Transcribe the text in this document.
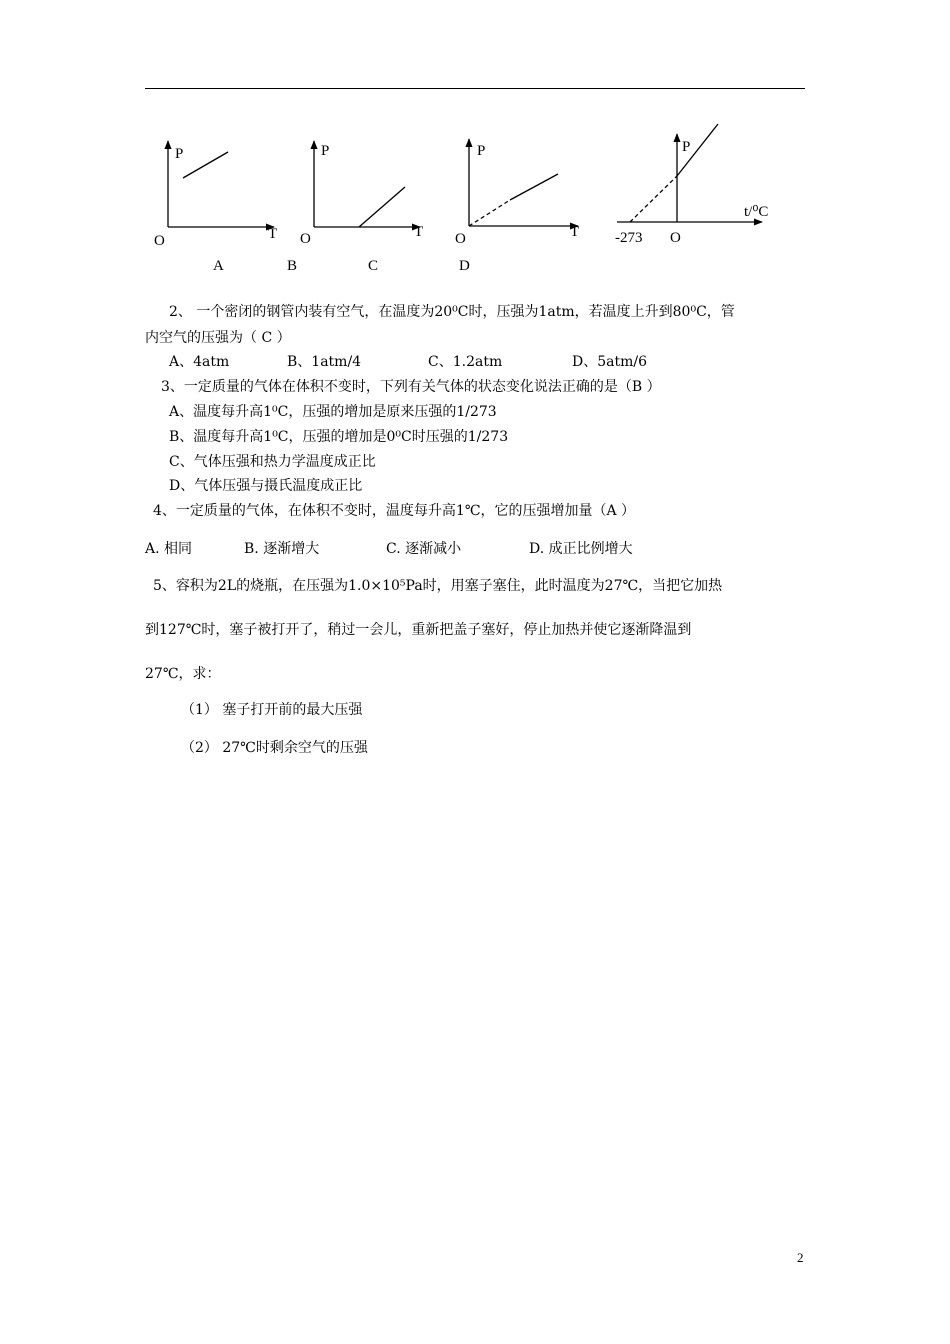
P
T
O
P
T
O
P
T
O
P
t/⁰C
-273 O
A	B	C	D
2、 一个密闭的钢管内装有空气，在温度为20⁰C时，压强为1atm，若温度上升到80⁰C，管
内空气的压强为（ C ）
A、4atm	B、1atm/4	C、1.2atm	D、5atm/6
3、一定质量的气体在体积不变时，下列有关气体的状态变化说法正确的是（B ）
A、温度每升高1⁰C，压强的增加是原来压强的1/273
B、温度每升高1⁰C，压强的增加是0⁰C时压强的1/273
C、气体压强和热力学温度成正比
D、气体压强与摄氏温度成正比
4、一定质量的气体，在体积不变时，温度每升高1℃，它的压强增加量（A ）
A. 相同	B. 逐渐增大	C. 逐渐减小	D. 成正比例增大
5、容积为2L的烧瓶，在压强为1.0×10⁵Pa时，用塞子塞住，此时温度为27℃，当把它加热
到127℃时，塞子被打开了，稍过一会儿，重新把盖子塞好，停止加热并使它逐渐降温到
27℃，求：
（1） 塞子打开前的最大压强
（2） 27℃时剩余空气的压强
2
